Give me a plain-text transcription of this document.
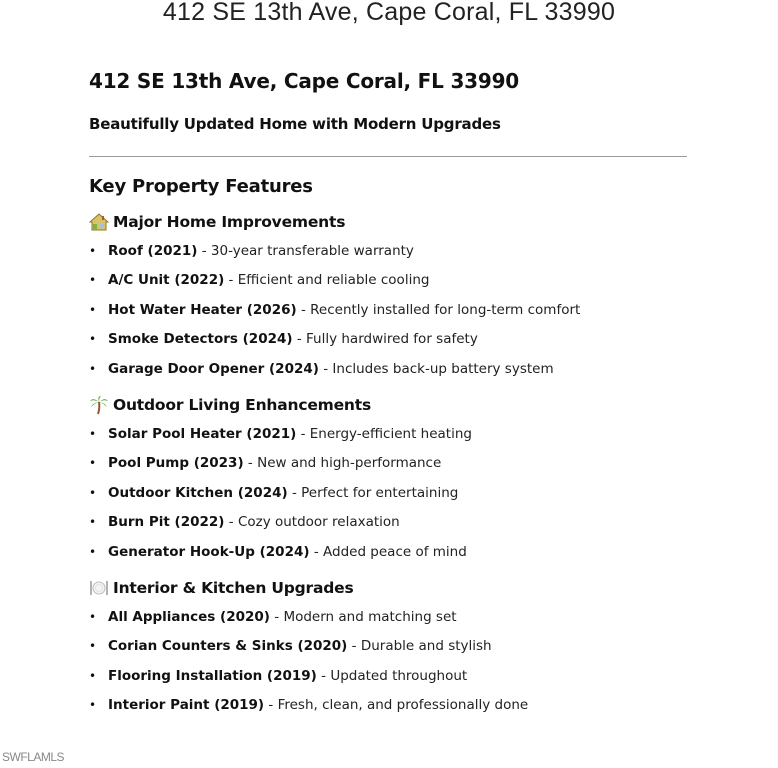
412 SE 13th Ave, Cape Coral, FL 33990
412 SE 13th Ave, Cape Coral, FL 33990
Beautifully Updated Home with Modern Upgrades
Key Property Features
Major Home Improvements
• Roof (2021) - 30-year transferable warranty
• A/C Unit (2022) - Efficient and reliable cooling
• Hot Water Heater (2026) - Recently installed for long-term comfort
• Smoke Detectors (2024) - Fully hardwired for safety
• Garage Door Opener (2024) - Includes back-up battery system
Outdoor Living Enhancements
• Solar Pool Heater (2021) - Energy-efficient heating
• Pool Pump (2023) - New and high-performance
• Outdoor Kitchen (2024) - Perfect for entertaining
• Burn Pit (2022) - Cozy outdoor relaxation
• Generator Hook-Up (2024) - Added peace of mind
Interior & Kitchen Upgrades
• All Appliances (2020) - Modern and matching set
• Corian Counters & Sinks (2020) - Durable and stylish
• Flooring Installation (2019) - Updated throughout
• Interior Paint (2019) - Fresh, clean, and professionally done
SWFLAMLS
